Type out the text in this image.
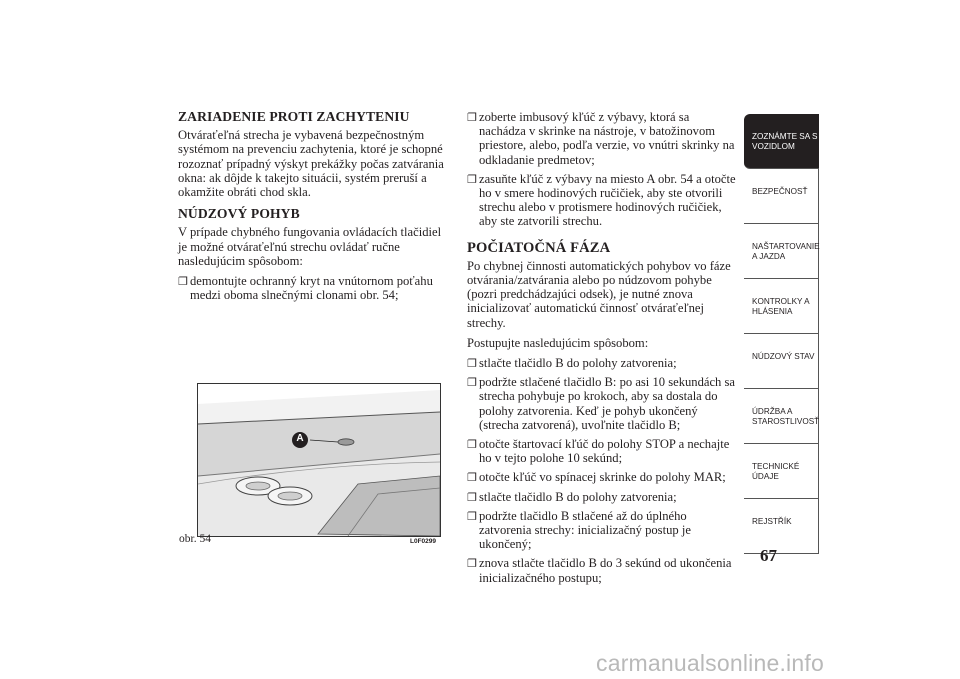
ZARIADENIE PROTI ZACHYTENIU

Otváraťeľná strecha je vybavená bezpečnostným systémom na prevenciu zachytenia, ktoré je schopné rozoznať prípadný výskyt prekážky počas zatvárania okna: ak dôjde k takejto situácii, systém preruší a okamžite obráti chod skla.

NÚDZOVÝ POHYB

V prípade chybného fungovania ovládacích tlačidiel je možné otváraťeľnú strechu ovládať ručne nasledujúcim spôsobom:

❐ demontujte ochranný kryt na vnútornom poťahu medzi oboma slnečnými clonami obr. 54;
A
obr. 54	L0F0299
❐ zoberte imbusový kľúč z výbavy, ktorá sa nachádza v skrinke na nástroje, v batožinovom priestore, alebo, podľa verzie, vo vnútri skrinky na odkladanie predmetov;
❐ zasuňte kľúč z výbavy na miesto A obr. 54 a otočte ho v smere hodinových ručičiek, aby ste otvorili strechu alebo v protismere hodinových ručičiek, aby ste zatvorili strechu.
POČIATOČNÁ FÁZA

Po chybnej činnosti automatických pohybov vo fáze otvárania/zatvárania alebo po núdzovom pohybe (pozri predchádzajúci odsek), je nutné znova inicializovať automatickú činnosť otváraťeľnej strechy.

Postupujte nasledujúcim spôsobom:

❐ stlačte tlačidlo B do polohy zatvorenia;
❐ podržte stlačené tlačidlo B: po asi 10 sekundách sa strecha pohybuje po krokoch, aby sa dostala do polohy zatvorenia. Keď je pohyb ukončený (strecha zatvorená), uvoľnite tlačidlo B;
❐ otočte štartovací kľúč do polohy STOP a nechajte ho v tejto polohe 10 sekúnd;
❐ otočte kľúč vo spínacej skrinke do polohy MAR;
❐ stlačte tlačidlo B do polohy zatvorenia;
❐ podržte tlačidlo B stlačené až do úplného zatvorenia strechy: inicializačný postup je ukončený;
❐ znova stlačte tlačidlo B do 3 sekúnd od ukončenia inicializačného postupu;
ZOZNÁMTE SA S
VOZIDLOM
BEZPEČNOSŤ
NAŠTARTOVANIE
A JAZDA
KONTROLKY A
HLÁSENIA
NÚDZOVÝ STAV
ÚDRŽBA A
STAROSTLIVOSŤ
TECHNICKÉ
ÚDAJE
REJSTŘÍK
67
carmanualsonline.info
